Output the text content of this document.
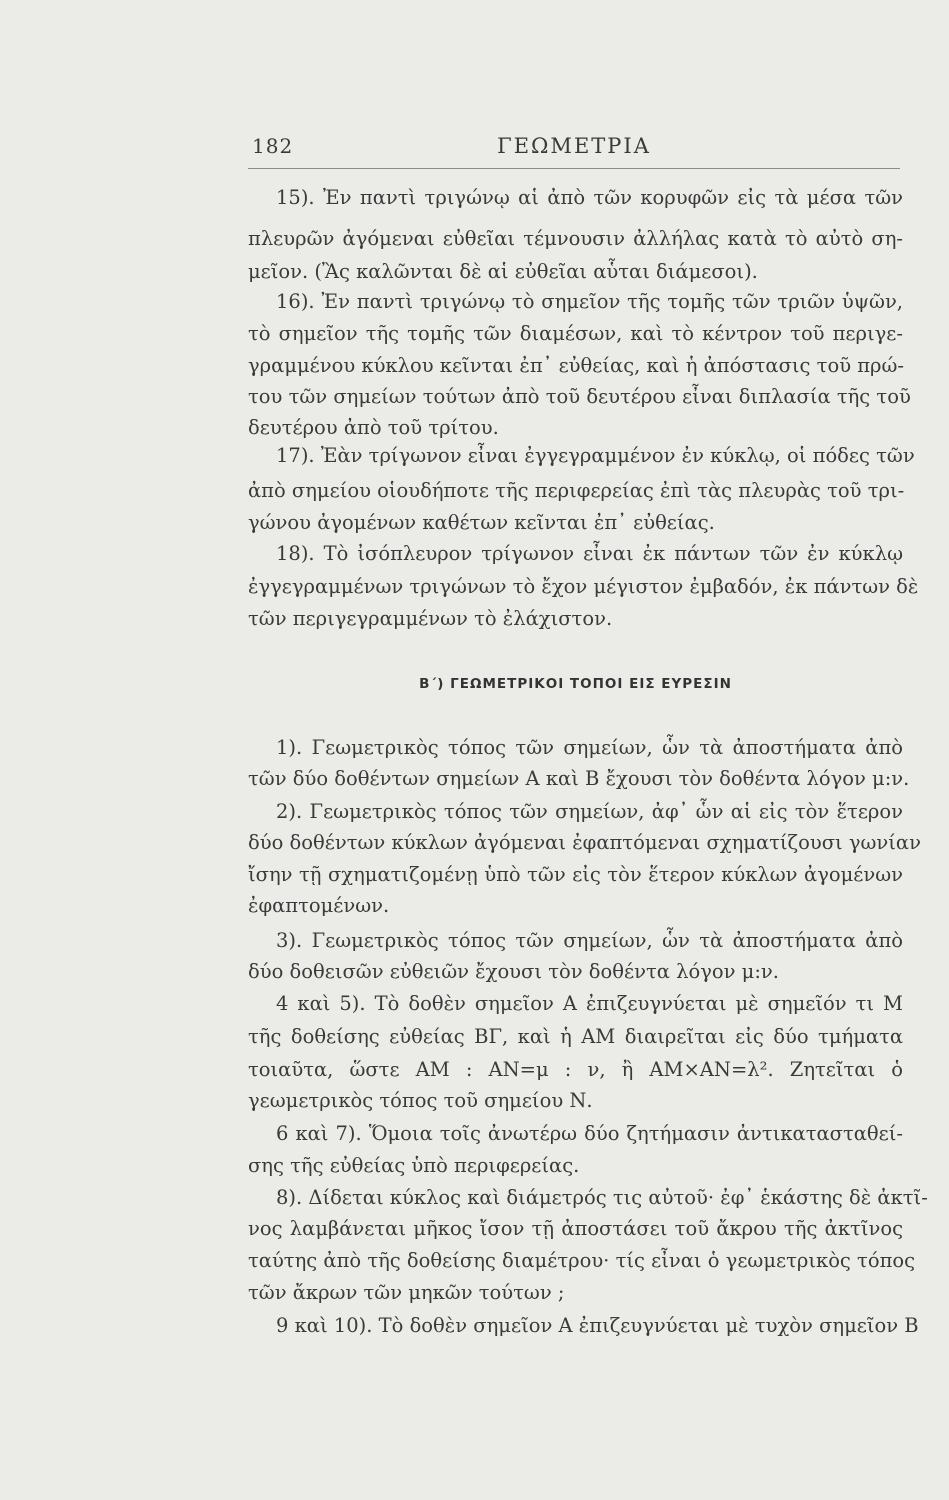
182	ΓΕΩΜΕΤΡΙΑ
15). Ἐν παντὶ τριγώνῳ αἱ ἀπὸ τῶν κορυφῶν εἰς τὰ μέσα τῶν
πλευρῶν ἀγόμεναι εὐθεῖαι τέμνουσιν ἀλλήλας κατὰ τὸ αὐτὸ ση-
μεῖον. (Ἂς καλῶνται δὲ αἱ εὐθεῖαι αὗται διάμεσοι).
16). Ἐν παντὶ τριγώνῳ τὸ σημεῖον τῆς τομῆς τῶν τριῶν ὑψῶν,
τὸ σημεῖον τῆς τομῆς τῶν διαμέσων, καὶ τὸ κέντρον τοῦ περιγε-
γραμμένου κύκλου κεῖνται ἐπ᾽ εὐθείας, καὶ ἡ ἀπόστασις τοῦ πρώ-
του τῶν σημείων τούτων ἀπὸ τοῦ δευτέρου εἶναι διπλασία τῆς τοῦ
δευτέρου ἀπὸ τοῦ τρίτου.
17). Ἐὰν τρίγωνον εἶναι ἐγγεγραμμένον ἐν κύκλῳ, οἱ πόδες τῶν
ἀπὸ σημείου οἱουδήποτε τῆς περιφερείας ἐπὶ τὰς πλευρὰς τοῦ τρι-
γώνου ἀγομένων καθέτων κεῖνται ἐπ᾽ εὐθείας.
18). Τὸ ἰσόπλευρον τρίγωνον εἶναι ἐκ πάντων τῶν ἐν κύκλῳ
ἐγγεγραμμένων τριγώνων τὸ ἔχον μέγιστον ἐμβαδόν, ἐκ πάντων δὲ
τῶν περιγεγραμμένων τὸ ἐλάχιστον.
Β΄) ΓΕΩΜΕΤΡΙΚΟΙ ΤΟΠΟΙ ΕΙΣ ΕΥΡΕΣΙΝ
1). Γεωμετρικὸς τόπος τῶν σημείων, ὧν τὰ ἀποστήματα ἀπὸ
τῶν δύο δοθέντων σημείων Α καὶ Β ἔχουσι τὸν δοθέντα λόγον μ:ν.
2). Γεωμετρικὸς τόπος τῶν σημείων, ἀφ᾽ ὧν αἱ εἰς τὸν ἕτερον
δύο δοθέντων κύκλων ἀγόμεναι ἐφαπτόμεναι σχηματίζουσι γωνίαν
ἴσην τῇ σχηματιζομένῃ ὑπὸ τῶν εἰς τὸν ἕτερον κύκλων ἀγομένων
ἐφαπτομένων.
3). Γεωμετρικὸς τόπος τῶν σημείων, ὧν τὰ ἀποστήματα ἀπὸ
δύο δοθεισῶν εὐθειῶν ἔχουσι τὸν δοθέντα λόγον μ:ν.
4 καὶ 5). Τὸ δοθὲν σημεῖον Α ἐπιζευγνύεται μὲ σημεῖόν τι Μ
τῆς δοθείσης εὐθείας ΒΓ, καὶ ἡ ΑΜ διαιρεῖται εἰς δύο τμήματα
τοιαῦτα, ὥστε ΑΜ : ΑΝ=μ : ν, ἢ ΑΜ×ΑΝ=λ². Ζητεῖται ὁ
γεωμετρικὸς τόπος τοῦ σημείου Ν.
6 καὶ 7). Ὅμοια τοῖς ἀνωτέρω δύο ζητήμασιν ἀντικατασταθεί-
σης τῆς εὐθείας ὑπὸ περιφερείας.
8). Δίδεται κύκλος καὶ διάμετρός τις αὐτοῦ· ἐφ᾽ ἑκάστης δὲ ἀκτῖ-
νος λαμβάνεται μῆκος ἴσον τῇ ἀποστάσει τοῦ ἄκρου τῆς ἀκτῖνος
ταύτης ἀπὸ τῆς δοθείσης διαμέτρου· τίς εἶναι ὁ γεωμετρικὸς τόπος
τῶν ἄκρων τῶν μηκῶν τούτων ;
9 καὶ 10). Τὸ δοθὲν σημεῖον Α ἐπιζευγνύεται μὲ τυχὸν σημεῖον Β
